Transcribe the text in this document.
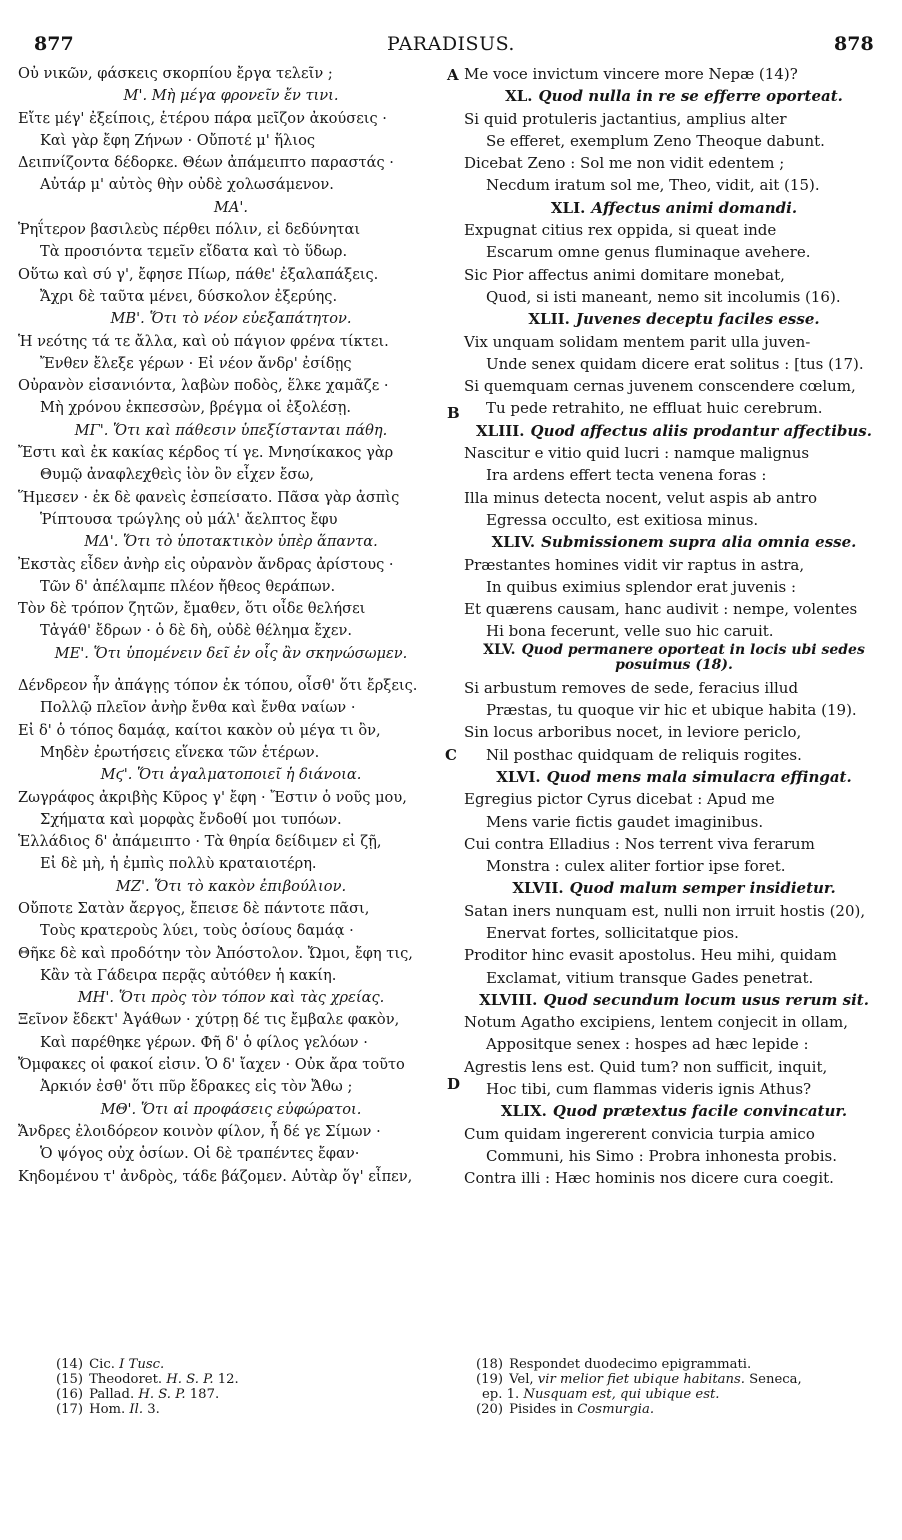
PARADISUS.
877	878
Οὐ νικῶν, φάσκεις σκορπίου ἔργα τελεῖν ;
Μ'. Μὴ μέγα φρονεῖν ἔν τινι.
Εἴτε μέγ' ἐξείποις, ἑτέρου πάρα μεῖζον ἀκούσεις ·
Καὶ γὰρ ἔφη Ζήνων · Οὔποτέ μ' ἥλιος
Δειπνίζοντα δέδορκε. Θέων ἀπάμειπτο παραστάς ·
Αὐτάρ μ' αὐτὸς θὴν οὐδὲ χολωσάμενον.
ΜΑ'.
Ῥηΐτερον βασιλεὺς πέρθει πόλιν, εἰ δεδύνηται
Τὰ προσιόντα τεμεῖν εἴδατα καὶ τὸ ὕδωρ.
Οὕτω καὶ σύ γ', ἔφησε Πίωρ, πάθε' ἐξαλαπάξεις.
Ἄχρι δὲ ταῦτα μένει, δύσκολον ἐξερύης.
ΜΒ'. Ὅτι τὸ νέον εὐεξαπάτητον.
Ἡ νεότης τά τε ἄλλα, καὶ οὐ πάγιον φρένα τίκτει.
Ἔνθεν ἔλεξε γέρων · Εἰ νέον ἄνδρ' ἐσίδῃς
Οὐρανὸν εἰσανιόντα, λαβὼν ποδὸς, ἕλκε χαμᾶζε ·
Μὴ χρόνου ἐκπεσσὼν, βρέγμα οἱ ἐξολέσῃ.
ΜΓ'. Ὅτι καὶ πάθεσιν ὑπεξίστανται πάθη.
Ἔστι καὶ ἐκ κακίας κέρδος τί γε. Μνησίκακος γὰρ
Θυμῷ ἀναφλεχθεὶς ἰὸν ὃν εἶχεν ἔσω,
Ἥμεσεν · ἐκ δὲ φανεὶς ἐσπείσατο. Πᾶσα γὰρ ἀσπὶς
Ῥίπτουσα τρώγλης οὐ μάλ' ἄελπτος ἔφυ
ΜΔ'. Ὅτι τὸ ὑποτακτικὸν ὑπὲρ ἅπαντα.
Ἐκστὰς εἶδεν ἀνὴρ εἰς οὐρανὸν ἄνδρας ἀρίστους ·
Τῶν δ' ἀπέλαμπε πλέον ἤθεος θεράπων.
Τὸν δὲ τρόπον ζητῶν, ἔμαθεν, ὅτι οἶδε θελήσει
Τἀγάθ' ἔδρων · ὁ δὲ δὴ, οὐδὲ θέλημα ἔχεν.
ΜΕ'. Ὅτι ὑπομένειν δεῖ ἐν οἷς ἂν σκηνώσωμεν.
Δένδρεον ἦν ἀπάγῃς τόπον ἐκ τόπου, οἶσθ' ὅτι ἔρξεις.
Πολλῷ πλεῖον ἀνὴρ ἔνθα καὶ ἔνθα ναίων ·
Εἰ δ' ὁ τόπος δαμάᾳ, καίτοι κακὸν οὐ μέγα τι ὂν,
Μηδὲν ἐρωτήσεις εἵνεκα τῶν ἑτέρων.
Μϛ'. Ὅτι ἀγαλματοποιεῖ ἡ διάνοια.
Ζωγράφος ἀκριβὴς Κῦρος γ' ἔφη · Ἔστιν ὁ νοῦς μου,
Σχήματα καὶ μορφὰς ἔνδοθί μοι τυπόων.
Ἑλλάδιος δ' ἀπάμειπτο · Τὰ θηρία δείδιμεν εἰ ζῇ,
Εἰ δὲ μὴ, ἡ ἐμπὶς πολλὺ κραταιοτέρη.
ΜΖ'. Ὅτι τὸ κακὸν ἐπιβούλιον.
Οὔποτε Σατὰν ἄεργος, ἔπεισε δὲ πάντοτε πᾶσι,
Τοὺς κρατεροὺς λύει, τοὺς ὁσίους δαμάᾳ ·
Θῆκε δὲ καὶ προδότην τὸν Ἀπόστολον. Ὤμοι, ἔφη τις,
Κἂν τὰ Γάδειρα περᾷς αὐτόθεν ἡ κακίη.
ΜΗ'. Ὅτι πρὸς τὸν τόπον καὶ τὰς χρείας.
Ξεῖνον ἔδεκτ' Ἀγάθων · χύτρῃ δέ τις ἔμβαλε φακὸν,
Καὶ παρέθηκε γέρων. Φῆ δ' ὁ φίλος γελόων ·
Ὄμφακες οἱ φακοί εἰσιν. Ὁ δ' ἴαχεν · Οὐκ ἄρα τοῦτο
Ἀρκιόν ἐσθ' ὅτι πῦρ ἔδρακες εἰς τὸν Ἄθω ;
ΜΘ'. Ὅτι αἱ προφάσεις εὐφώρατοι.
Ἄνδρες ἐλοιδόρεον κοινὸν φίλον, ἧ δέ γε Σίμων ·
Ὁ ψόγος οὐχ ὁσίων. Οἱ δὲ τραπέντες ἔφαν·
Κηδομένου τ' ἀνδρὸς, τάδε βάζομεν. Αὐτὰρ ὅγ' εἶπεν,
Me voce invictum vincere more Nepæ (14)?
XL. Quod nulla in re se efferre oporteat.
Si quid protuleris jactantius, amplius alter
Se efferet, exemplum Zeno Theoque dabunt.
Dicebat Zeno : Sol me non vidit edentem ;
Necdum iratum sol me, Theo, vidit, ait (15).
XLI. Affectus animi domandi.
Expugnat citius rex oppida, si queat inde
Escarum omne genus fluminaque avehere.
Sic Pior affectus animi domitare monebat,
Quod, si isti maneant, nemo sit incolumis (16).
XLII. Juvenes deceptu faciles esse.
Vix unquam solidam mentem parit ulla juven-
Unde senex quidam dicere erat solitus : [tus (17).
Si quemquam cernas juvenem conscendere cœlum,
Tu pede retrahito, ne effluat huic cerebrum.
XLIII. Quod affectus aliis prodantur affectibus.
Nascitur e vitio quid lucri : namque malignus
Ira ardens effert tecta venena foras :
Illa minus detecta nocent, velut aspis ab antro
Egressa occulto, est exitiosa minus.
XLIV. Submissionem supra alia omnia esse.
Præstantes homines vidit vir raptus in astra,
In quibus eximius splendor erat juvenis :
Et quærens causam, hanc audivit : nempe, volentes
Hi bona fecerunt, velle suo hic caruit.
XLV. Quod permanere oporteat in locis ubi sedes posuimus (18).
Si arbustum removes de sede, feracius illud
Præstas, tu quoque vir hic et ubique habita (19).
Sin locus arboribus nocet, in leviore periclo,
Nil posthac quidquam de reliquis rogites.
XLVI. Quod mens mala simulacra effingat.
Egregius pictor Cyrus dicebat : Apud me
Mens varie fictis gaudet imaginibus.
Cui contra Elladius : Nos terrent viva ferarum
Monstra : culex aliter fortior ipse foret.
XLVII. Quod malum semper insidietur.
Satan iners nunquam est, nulli non irruit hostis (20),
Enervat fortes, sollicitatque pios.
Proditor hinc evasit apostolus. Heu mihi, quidam
Exclamat, vitium transque Gades penetrat.
XLVIII. Quod secundum locum usus rerum sit.
Notum Agatho excipiens, lentem conjecit in ollam,
Appositque senex : hospes ad hæc lepide :
Agrestis lens est. Quid tum? non sufficit, inquit,
Hoc tibi, cum flammas videris ignis Athus?
XLIX. Quod prætextus facile convincatur.
Cum quidam ingererent convicia turpia amico
Communi, his Simo : Probra inhonesta probis.
Contra illi : Hæc hominis nos dicere cura coegit.
A
B
C
D
(14) Cic. I Tusc.
(15) Theodoret. H. S. P. 12.
(16) Pallad. H. S. P. 187.
(17) Hom. Il. 3.
(18) Respondet duodecimo epigrammati.
(19) Vel, vir melior fiet ubique habitans. Seneca,
ep. 1. Nusquam est, qui ubique est.
(20) Pisides in Cosmurgia.
